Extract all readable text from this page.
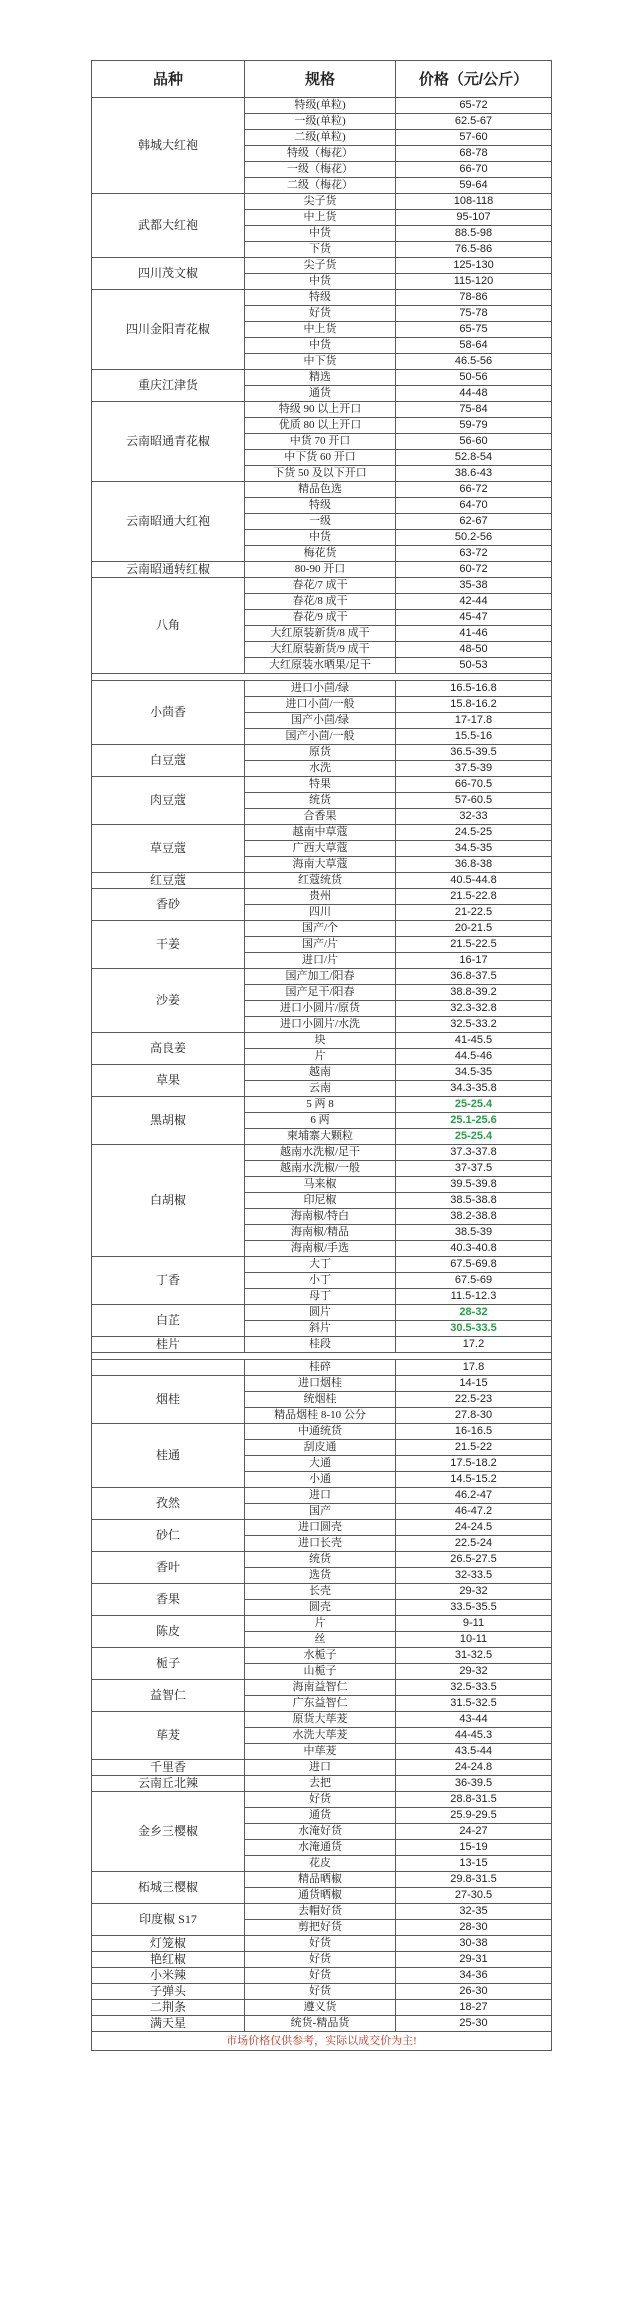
品种	规格	价格（元/公斤）
韩城大红袍	特级(单粒)	65-72
	一级(单粒)	62.5-67
	二级(单粒)	57-60
	特级（梅花）	68-78
	一级（梅花）	66-70
	二级（梅花）	59-64
武都大红袍	尖子货	108-118
	中上货	95-107
	中货	88.5-98
	下货	76.5-86
四川茂文椒	尖子货	125-130
	中货	115-120
四川金阳青花椒	特级	78-86
	好货	75-78
	中上货	65-75
	中货	58-64
	中下货	46.5-56
重庆江津货	精选	50-56
	通货	44-48
云南昭通青花椒	特级 90 以上开口	75-84
	优质 80 以上开口	59-79
	中货 70 开口	56-60
	中下货 60 开口	52.8-54
	下货 50 及以下开口	38.6-43
云南昭通大红袍	精品色选	66-72
	特级	64-70
	一级	62-67
	中货	50.2-56
	梅花货	63-72
云南昭通转红椒	80-90 开口	60-72
八角	春花/7 成干	35-38
	春花/8 成干	42-44
	春花/9 成干	45-47
	大红原装新货/8 成干	41-46
	大红原装新货/9 成干	48-50
	大红原装水晒果/足干	50-53

小茴香	进口小茴/绿	16.5-16.8
	进口小茴/一般	15.8-16.2
	国产小茴/绿	17-17.8
	国产小茴/一般	15.5-16
白豆蔻	原货	36.5-39.5
	水洗	37.5-39
肉豆蔻	特果	66-70.5
	统货	57-60.5
	合香果	32-33
草豆蔻	越南中草蔻	24.5-25
	广西大草蔻	34.5-35
	海南大草蔻	36.8-38
红豆蔻	红蔻统货	40.5-44.8
香砂	贵州	21.5-22.8
	四川	21-22.5
干姜	国产/个	20-21.5
	国产/片	21.5-22.5
	进口/片	16-17
沙姜	国产加工/阳春	36.8-37.5
	国产足干/阳春	38.8-39.2
	进口小圆片/原货	32.3-32.8
	进口小圆片/水洗	32.5-33.2
高良姜	块	41-45.5
	片	44.5-46
草果	越南	34.5-35
	云南	34.3-35.8
黑胡椒	5 两 8	25-25.4
	6 两	25.1-25.6
	柬埔寨大颗粒	25-25.4
白胡椒	越南水洗椒/足干	37.3-37.8
	越南水洗椒/一般	37-37.5
	马来椒	39.5-39.8
	印尼椒	38.5-38.8
	海南椒/特白	38.2-38.8
	海南椒/精品	38.5-39
	海南椒/手选	40.3-40.8
丁香	大丁	67.5-69.8
	小丁	67.5-69
	母丁	11.5-12.3
白芷	圆片	28-32
	斜片	30.5-33.5
桂片	桂段	17.2

	桂碎	17.8
烟桂	进口烟桂	14-15
	统烟桂	22.5-23
	精品烟桂 8-10 公分	27.8-30
桂通	中通统货	16-16.5
	刮皮通	21.5-22
	大通	17.5-18.2
	小通	14.5-15.2
孜然	进口	46.2-47
	国产	46-47.2
砂仁	进口圆壳	24-24.5
	进口长壳	22.5-24
香叶	统货	26.5-27.5
	选货	32-33.5
香果	长壳	29-32
	圆壳	33.5-35.5
陈皮	片	9-11
	丝	10-11
栀子	水栀子	31-32.5
	山栀子	29-32
益智仁	海南益智仁	32.5-33.5
	广东益智仁	31.5-32.5
荜茇	原货大荜茇	43-44
	水洗大荜茇	44-45.3
	中荜茇	43.5-44
千里香	进口	24-24.8
云南丘北辣	去把	36-39.5
金乡三樱椒	好货	28.8-31.5
	通货	25.9-29.5
	水淹好货	24-27
	水淹通货	15-19
	花皮	13-15
柘城三樱椒	精品晒椒	29.8-31.5
	通货晒椒	27-30.5
印度椒 S17	去帽好货	32-35
	剪把好货	28-30
灯笼椒	好货	30-38
艳红椒	好货	29-31
小米辣	好货	34-36
子弹头	好货	26-30
二荆条	遵义货	18-27
满天星	统货-精品货	25-30
市场价格仅供参考，实际以成交价为主!		
